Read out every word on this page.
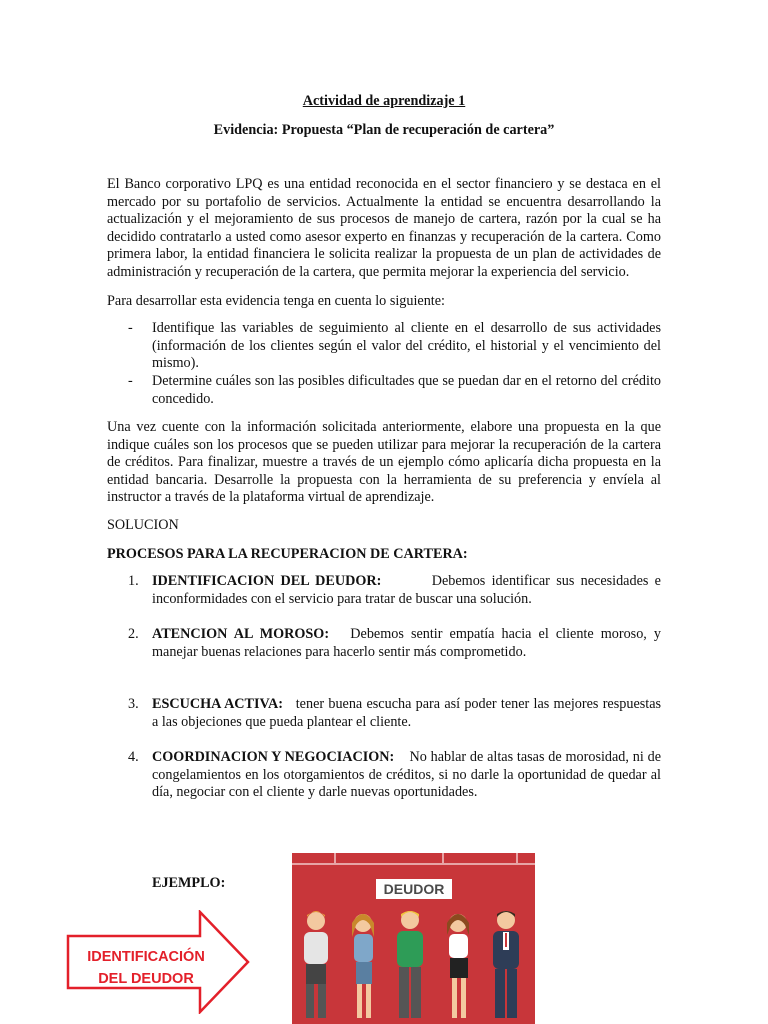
Actividad de aprendizaje 1
Evidencia: Propuesta “Plan de recuperación de cartera”

El Banco corporativo LPQ es una entidad reconocida en el sector financiero y se destaca en el mercado por su portafolio de servicios. Actualmente la entidad se encuentra desarrollando la actualización y el mejoramiento de sus procesos de manejo de cartera, razón por la cual se ha decidido contratarlo a usted como asesor experto en finanzas y recuperación de la cartera. Como primera labor, la entidad financiera le solicita realizar la propuesta de un plan de actividades de administración y recuperación de la cartera, que permita mejorar la experiencia del servicio.

Para desarrollar esta evidencia tenga en cuenta lo siguiente:

- Identifique las variables de seguimiento al cliente en el desarrollo de sus actividades (información de los clientes según el valor del crédito, el historial y el vencimiento del mismo).

- Determine cuáles son las posibles dificultades que se puedan dar en el retorno del crédito concedido.

Una vez cuente con la información solicitada anteriormente, elabore una propuesta en la que indique cuáles son los procesos que se pueden utilizar para mejorar la recuperación de la cartera de créditos. Para finalizar, muestre a través de un ejemplo cómo aplicaría dicha propuesta en la entidad bancaria. Desarrolle la propuesta con la herramienta de su preferencia y envíela al instructor a través de la plataforma virtual de aprendizaje.

SOLUCION
PROCESOS PARA LA RECUPERACION DE CARTERA:
1. IDENTIFICACION DEL DEUDOR:	Debemos identificar sus necesidades e inconformidades con el servicio para tratar de buscar una solución.

2. ATENCION AL MOROSO: Debemos sentir empatía hacia el cliente moroso, y manejar buenas relaciones para hacerlo sentir más comprometido.

3. ESCUCHA ACTIVA: tener buena escucha para así poder tener las mejores respuestas a las objeciones que pueda plantear el cliente.

4. COORDINACION Y NEGOCIACION: No hablar de altas tasas de morosidad, ni de congelamientos en los otorgamientos de créditos, si no darle la oportunidad de quedar al día, negociar con el cliente y darle nuevas oportunidades.

EJEMPLO:
IDENTIFICACIÓN
DEL DEUDOR
DEUDOR
